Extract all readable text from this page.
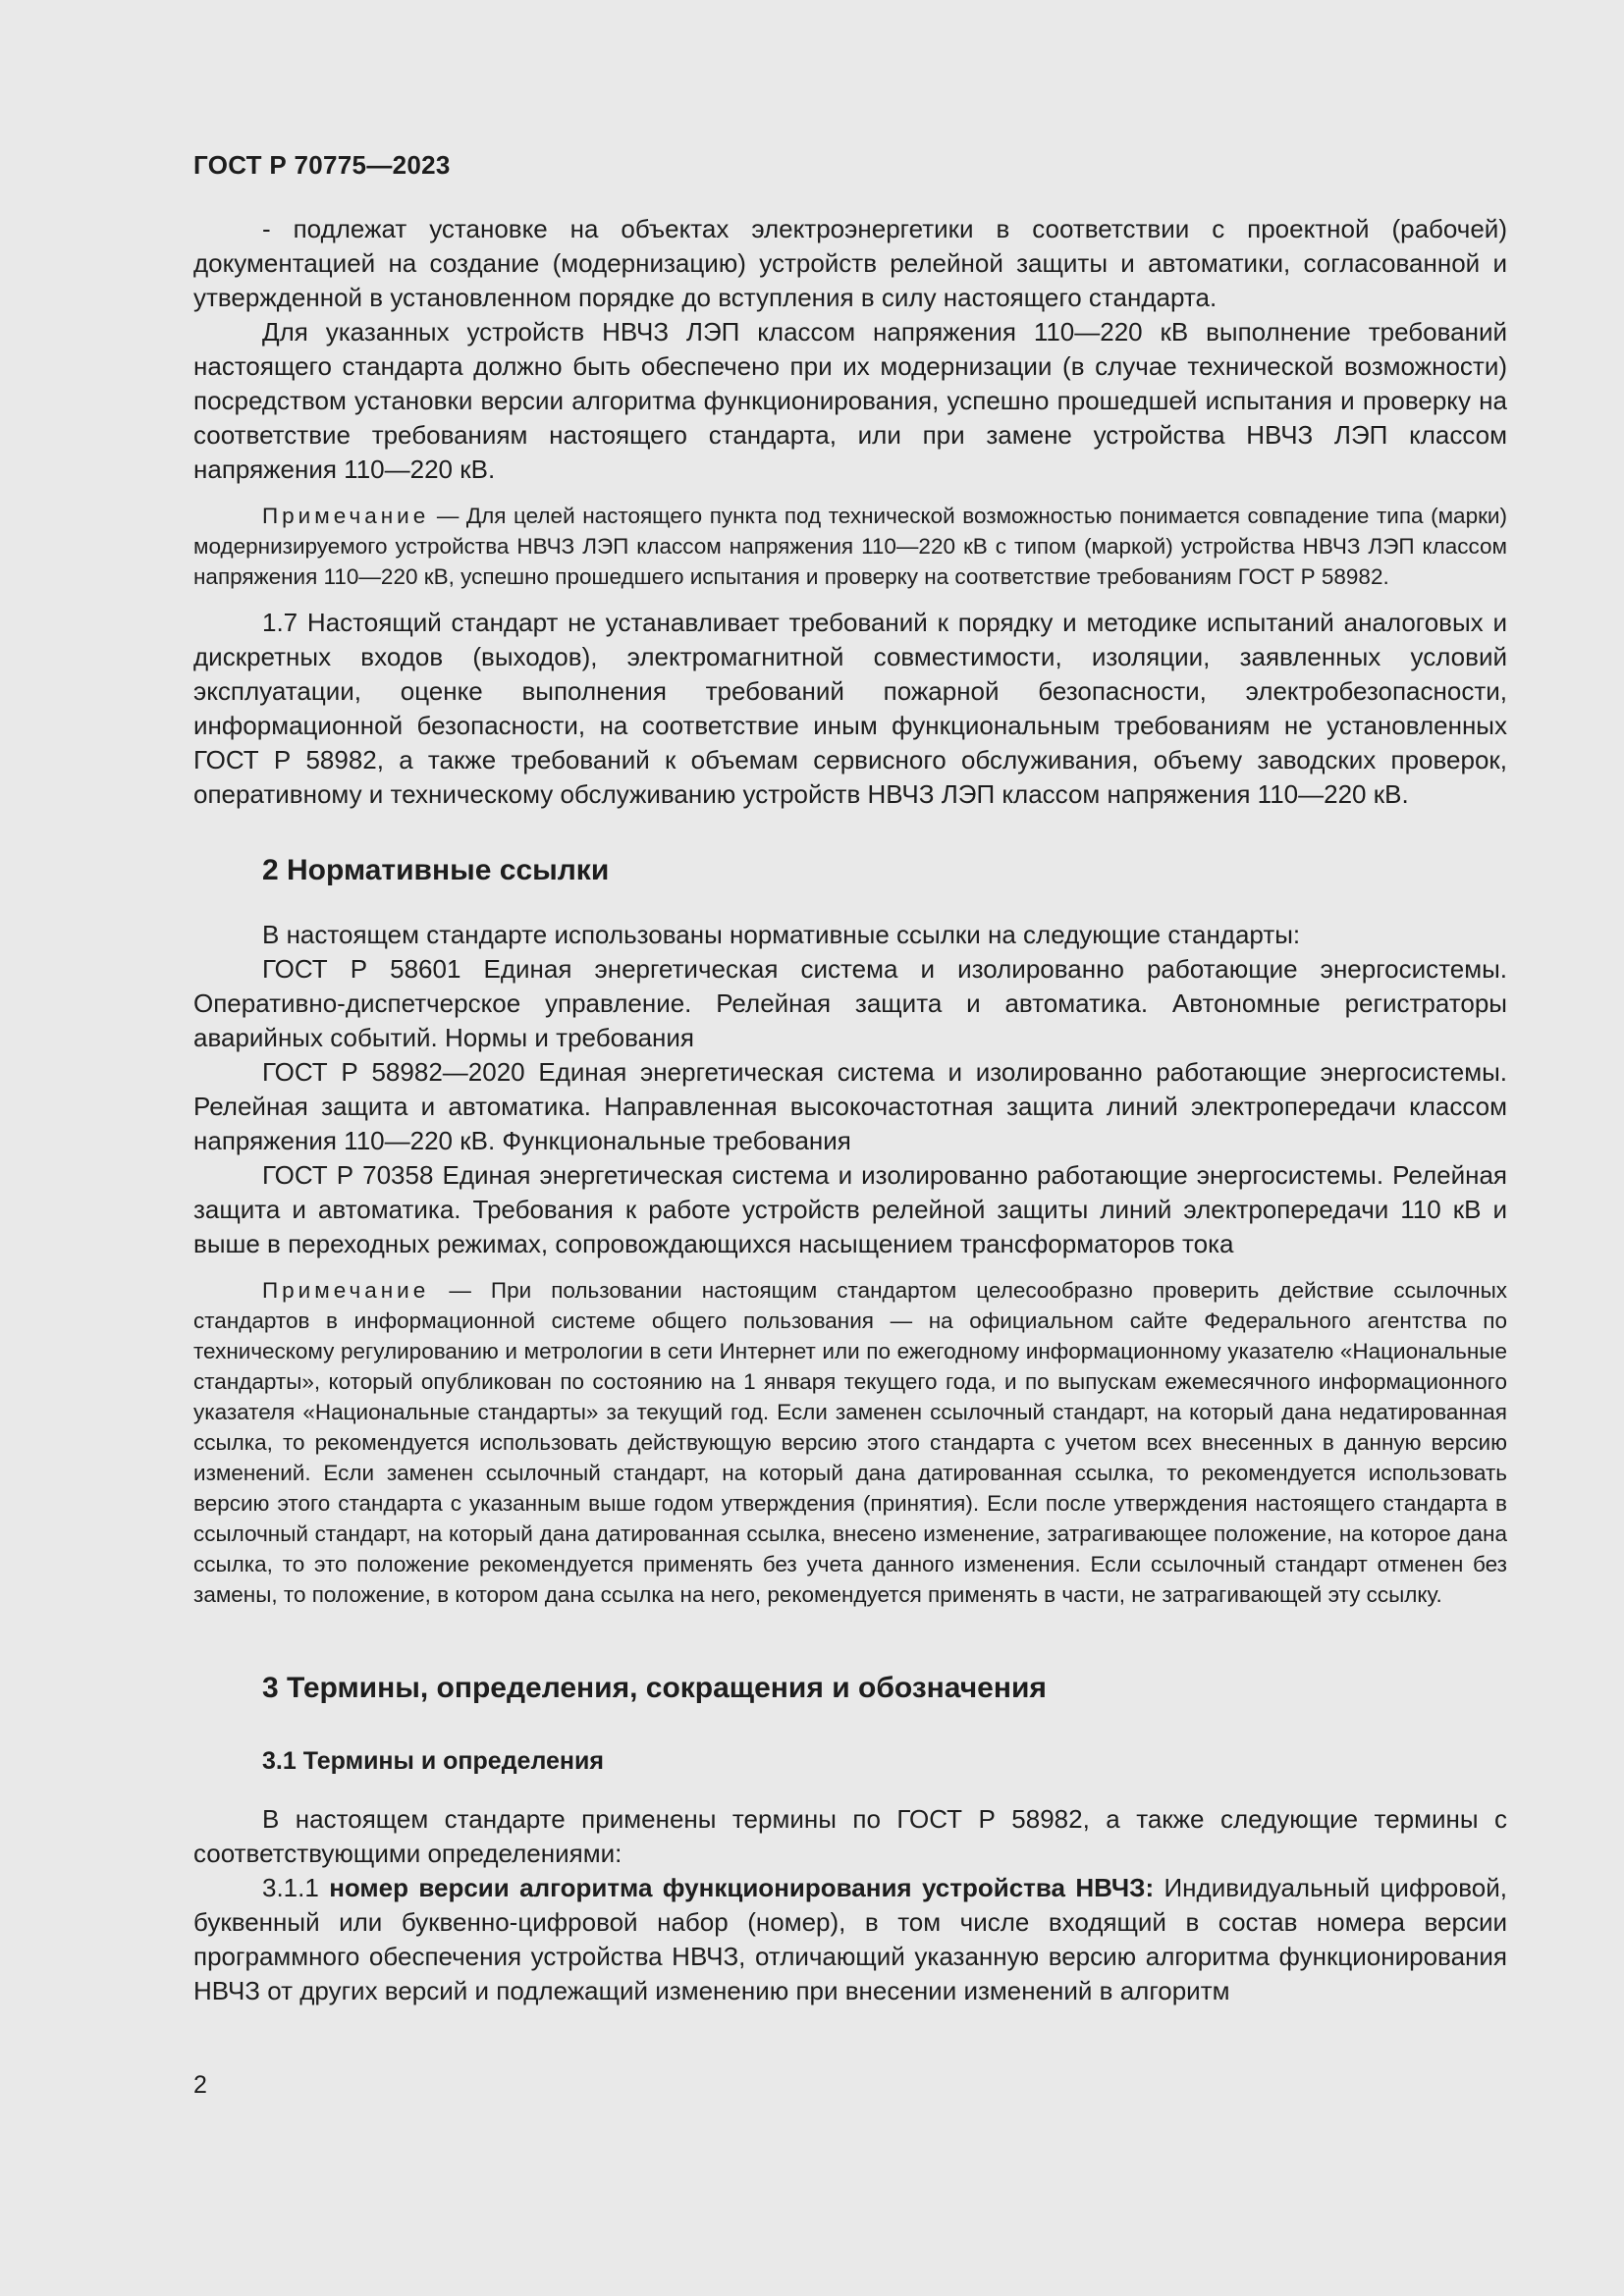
ГОСТ Р 70775—2023

- подлежат установке на объектах электроэнергетики в соответствии с проектной (рабочей) документацией на создание (модернизацию) устройств релейной защиты и автоматики, согласованной и утвержденной в установленном порядке до вступления в силу настоящего стандарта.

Для указанных устройств НВЧЗ ЛЭП классом напряжения 110—220 кВ выполнение требований настоящего стандарта должно быть обеспечено при их модернизации (в случае технической возможности) посредством установки версии алгоритма функционирования, успешно прошедшей испытания и проверку на соответствие требованиям настоящего стандарта, или при замене устройства НВЧЗ ЛЭП классом напряжения 110—220 кВ.

Примечание — Для целей настоящего пункта под технической возможностью понимается совпадение типа (марки) модернизируемого устройства НВЧЗ ЛЭП классом напряжения 110—220 кВ с типом (маркой) устройства НВЧЗ ЛЭП классом напряжения 110—220 кВ, успешно прошедшего испытания и проверку на соответствие требованиям ГОСТ Р 58982.

1.7 Настоящий стандарт не устанавливает требований к порядку и методике испытаний аналоговых и дискретных входов (выходов), электромагнитной совместимости, изоляции, заявленных условий эксплуатации, оценке выполнения требований пожарной безопасности, электробезопасности, информационной безопасности, на соответствие иным функциональным требованиям не установленных ГОСТ Р 58982, а также требований к объемам сервисного обслуживания, объему заводских проверок, оперативному и техническому обслуживанию устройств НВЧЗ ЛЭП классом напряжения 110—220 кВ.

2 Нормативные ссылки

В настоящем стандарте использованы нормативные ссылки на следующие стандарты:

ГОСТ Р 58601 Единая энергетическая система и изолированно работающие энергосистемы. Оперативно-диспетчерское управление. Релейная защита и автоматика. Автономные регистраторы аварийных событий. Нормы и требования

ГОСТ Р 58982—2020 Единая энергетическая система и изолированно работающие энергосистемы. Релейная защита и автоматика. Направленная высокочастотная защита линий электропередачи классом напряжения 110—220 кВ. Функциональные требования

ГОСТ Р 70358 Единая энергетическая система и изолированно работающие энергосистемы. Релейная защита и автоматика. Требования к работе устройств релейной защиты линий электропередачи 110 кВ и выше в переходных режимах, сопровождающихся насыщением трансформаторов тока

Примечание — При пользовании настоящим стандартом целесообразно проверить действие ссылочных стандартов в информационной системе общего пользования — на официальном сайте Федерального агентства по техническому регулированию и метрологии в сети Интернет или по ежегодному информационному указателю «Национальные стандарты», который опубликован по состоянию на 1 января текущего года, и по выпускам ежемесячного информационного указателя «Национальные стандарты» за текущий год. Если заменен ссылочный стандарт, на который дана недатированная ссылка, то рекомендуется использовать действующую версию этого стандарта с учетом всех внесенных в данную версию изменений. Если заменен ссылочный стандарт, на который дана датированная ссылка, то рекомендуется использовать версию этого стандарта с указанным выше годом утверждения (принятия). Если после утверждения настоящего стандарта в ссылочный стандарт, на который дана датированная ссылка, внесено изменение, затрагивающее положение, на которое дана ссылка, то это положение рекомендуется применять без учета данного изменения. Если ссылочный стандарт отменен без замены, то положение, в котором дана ссылка на него, рекомендуется применять в части, не затрагивающей эту ссылку.
3 Термины, определения, сокращения и обозначения
3.1 Термины и определения

В настоящем стандарте применены термины по ГОСТ Р 58982, а также следующие термины с соответствующими определениями:

3.1.1 номер версии алгоритма функционирования устройства НВЧЗ: Индивидуальный цифровой, буквенный или буквенно-цифровой набор (номер), в том числе входящий в состав номера версии программного обеспечения устройства НВЧЗ, отличающий указанную версию алгоритма функционирования НВЧЗ от других версий и подлежащий изменению при внесении изменений в алгоритм

2
